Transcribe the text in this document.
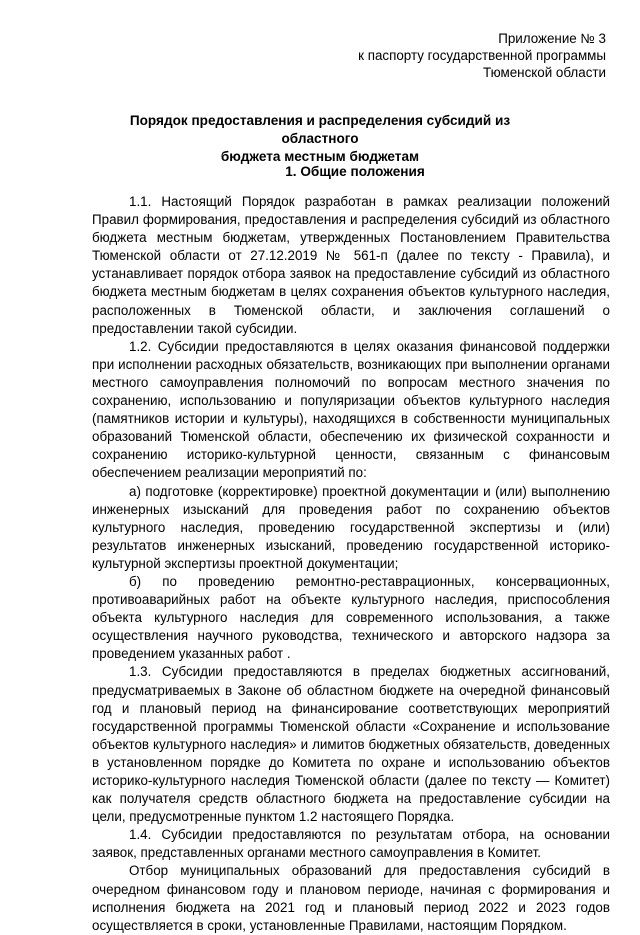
Приложение № 3
к паспорту государственной программы
Тюменской области
Порядок предоставления и распределения субсидий из областного
бюджета местным бюджетам
1. Общие положения

1.1. Настоящий Порядок разработан в рамках реализации положений Правил формирования, предоставления и распределения субсидий из областного бюджета местным бюджетам, утвержденных Постановлением Правительства Тюменской области от 27.12.2019 № 561-п (далее по тексту - Правила), и устанавливает порядок отбора заявок на предоставление субсидий из областного бюджета местным бюджетам в целях сохранения объектов культурного наследия, расположенных в Тюменской области, и заключения соглашений о предоставлении такой субсидии.

1.2. Субсидии предоставляются в целях оказания финансовой поддержки при исполнении расходных обязательств, возникающих при выполнении органами местного самоуправления полномочий по вопросам местного значения по сохранению, использованию и популяризации объектов культурного наследия (памятников истории и культуры), находящихся в собственности муниципальных образований Тюменской области, обеспечению их физической сохранности и сохранению историко-культурной ценности, связанным с финансовым обеспечением реализации мероприятий по:

а) подготовке (корректировке) проектной документации и (или) выполнению инженерных изысканий для проведения работ по сохранению объектов культурного наследия, проведению государственной экспертизы и (или) результатов инженерных изысканий, проведению государственной историко-культурной экспертизы проектной документации;

б) по проведению ремонтно-реставрационных, консервационных, противоаварийных работ на объекте культурного наследия, приспособления объекта культурного наследия для современного использования, а также осуществления научного руководства, технического и авторского надзора за проведением указанных работ .

1.3. Субсидии предоставляются в пределах бюджетных ассигнований, предусматриваемых в Законе об областном бюджете на очередной финансовый год и плановый период на финансирование соответствующих мероприятий государственной программы Тюменской области «Сохранение и использование объектов культурного наследия» и лимитов бюджетных обязательств, доведенных в установленном порядке до Комитета по охране и использованию объектов историко-культурного наследия Тюменской области (далее по тексту — Комитет) как получателя средств областного бюджета на предоставление субсидии на цели, предусмотренные пунктом 1.2 настоящего Порядка.

1.4. Субсидии предоставляются по результатам отбора, на основании заявок, представленных органами местного самоуправления в Комитет.

Отбор муниципальных образований для предоставления субсидий в очередном финансовом году и плановом периоде, начиная с формирования и исполнения бюджета на 2021 год и плановый период 2022 и 2023 годов осуществляется в сроки, установленные Правилами, настоящим Порядком.
